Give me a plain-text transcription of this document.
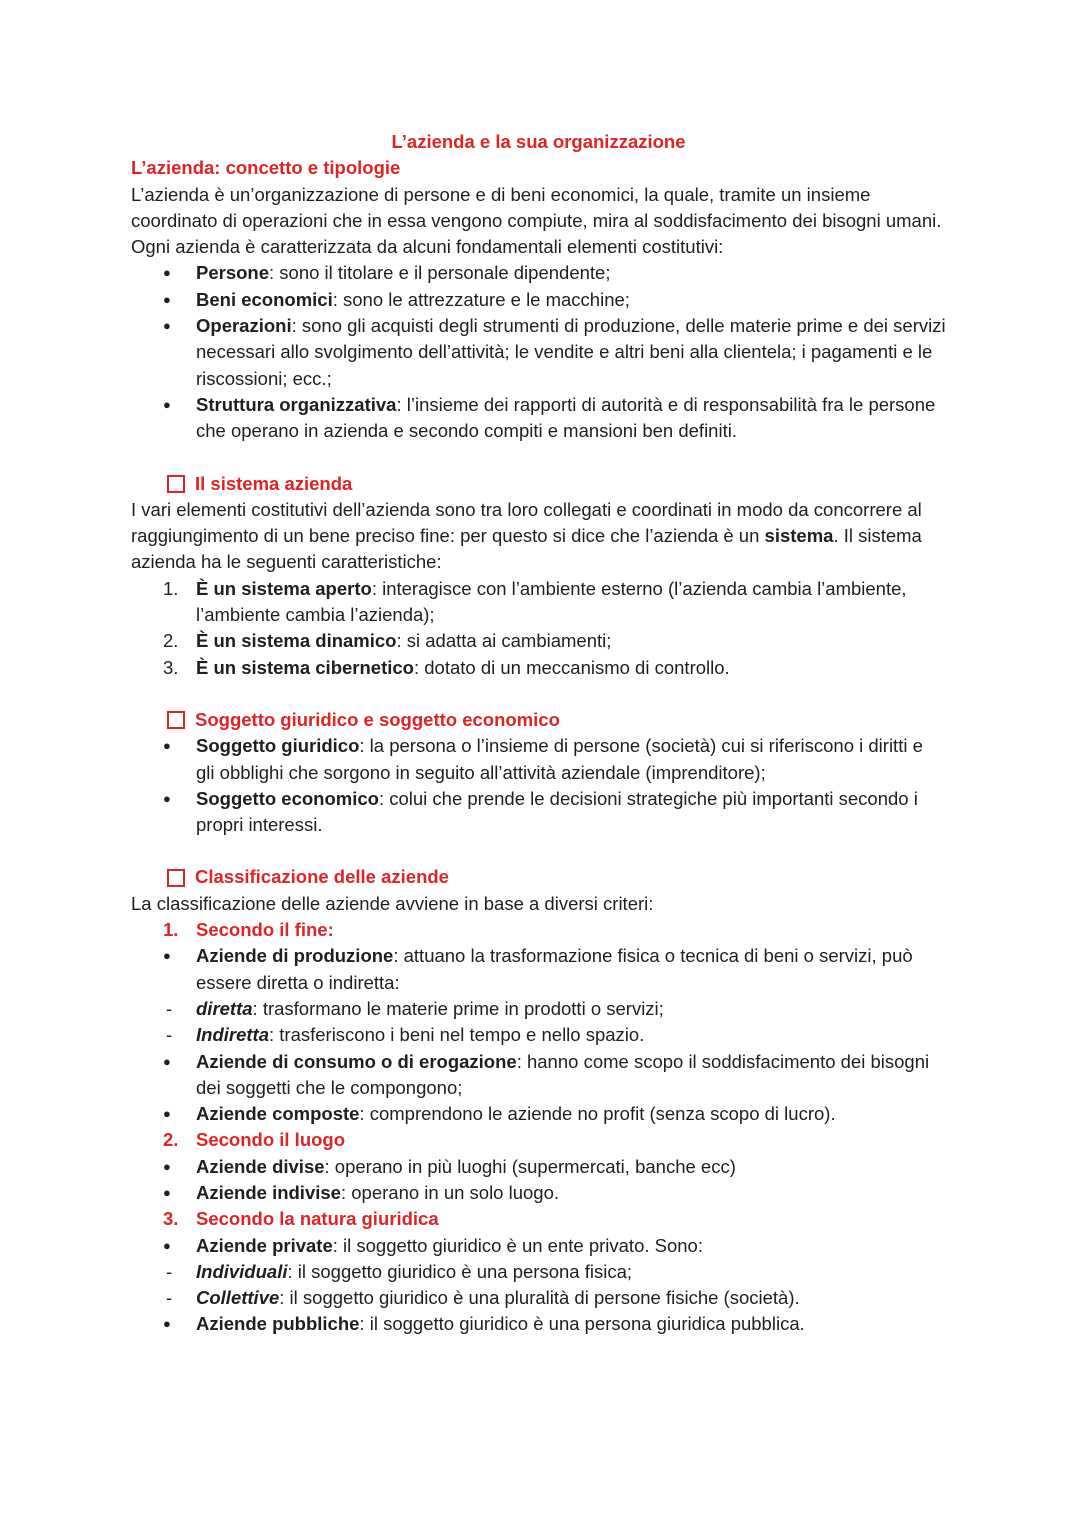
L’azienda e la sua organizzazione

L’azienda: concetto e tipologie

L’azienda è un’organizzazione di persone e di beni economici, la quale, tramite un insieme coordinato di operazioni che in essa vengono compiute, mira al soddisfacimento dei bisogni umani. Ogni azienda è caratterizzata da alcuni fondamentali elementi costitutivi:

●
Persone: sono il titolare e il personale dipendente;
●
Beni economici: sono le attrezzature e le macchine;
●
Operazioni: sono gli acquisti degli strumenti di produzione, delle materie prime e dei servizi necessari allo svolgimento dell’attività; le vendite e altri beni alla clientela; i pagamenti e le riscossioni; ecc.;
●
Struttura organizzativa: l’insieme dei rapporti di autorità e di responsabilità fra le persone che operano in azienda e secondo compiti e mansioni ben definiti.
Il sistema azienda

I vari elementi costitutivi dell’azienda sono tra loro collegati e coordinati in modo da concorrere al raggiungimento di un bene preciso fine: per questo si dice che l’azienda è un sistema. Il sistema azienda ha le seguenti caratteristiche:

1. È un sistema aperto: interagisce con l’ambiente esterno (l’azienda cambia l’ambiente, l’ambiente cambia l’azienda);
2. È un sistema dinamico: si adatta ai cambiamenti;
3. È un sistema cibernetico: dotato di un meccanismo di controllo.
Soggetto giuridico e soggetto economico
●
Soggetto giuridico: la persona o l’insieme di persone (società) cui si riferiscono i diritti e gli obblighi che sorgono in seguito all’attività aziendale (imprenditore);
●
Soggetto economico: colui che prende le decisioni strategiche più importanti secondo i propri interessi.
Classificazione delle aziende

La classificazione delle aziende avviene in base a diversi criteri:

1. Secondo il fine:
●
Aziende di produzione: attuano la trasformazione fisica o tecnica di beni o servizi, può essere diretta o indiretta:
-	diretta: trasformano le materie prime in prodotti o servizi;
-	Indiretta: trasferiscono i beni nel tempo e nello spazio.
●
Aziende di consumo o di erogazione: hanno come scopo il soddisfacimento dei bisogni dei soggetti che le compongono;
●
Aziende composte: comprendono le aziende no profit (senza scopo di lucro).
2. Secondo il luogo
●
Aziende divise: operano in più luoghi (supermercati, banche ecc)
●
Aziende indivise: operano in un solo luogo.
3. Secondo la natura giuridica
●
Aziende private: il soggetto giuridico è un ente privato. Sono:
-	Individuali: il soggetto giuridico è una persona fisica;
-	Collettive: il soggetto giuridico è una pluralità di persone fisiche (società).
●
Aziende pubbliche: il soggetto giuridico è una persona giuridica pubblica.
